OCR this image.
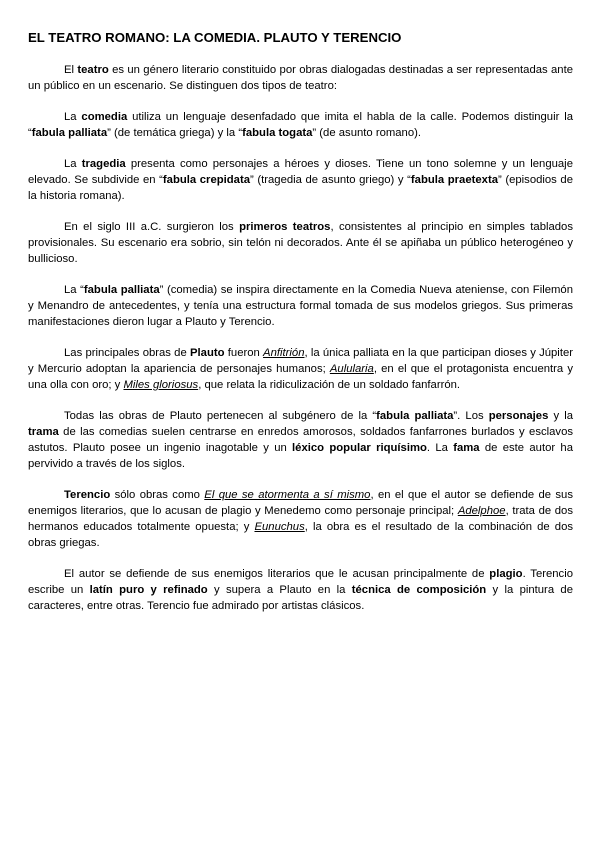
EL TEATRO ROMANO: LA COMEDIA. PLAUTO Y TERENCIO

El teatro es un género literario constituido por obras dialogadas destinadas a ser representadas ante un público en un escenario. Se distinguen dos tipos de teatro:

La comedia utiliza un lenguaje desenfadado que imita el habla de la calle. Podemos distinguir la “fabula palliata” (de temática griega) y la “fabula togata” (de asunto romano).

La tragedia presenta como personajes a héroes y dioses. Tiene un tono solemne y un lenguaje elevado. Se subdivide en “fabula crepidata” (tragedia de asunto griego) y “fabula praetexta” (episodios de la historia romana).

En el siglo III a.C. surgieron los primeros teatros, consistentes al principio en simples tablados provisionales. Su escenario era sobrio, sin telón ni decorados. Ante él se apiñaba un público heterogéneo y bullicioso.

La “fabula palliata” (comedia) se inspira directamente en la Comedia Nueva ateniense, con Filemón y Menandro de antecedentes, y tenía una estructura formal tomada de sus modelos griegos. Sus primeras manifestaciones dieron lugar a Plauto y Terencio.

Las principales obras de Plauto fueron Anfitrión, la única palliata en la que participan dioses y Júpiter y Mercurio adoptan la apariencia de personajes humanos; Aulularia, en el que el protagonista encuentra y una olla con oro; y Miles gloriosus, que relata la ridiculización de un soldado fanfarrón.

Todas las obras de Plauto pertenecen al subgénero de la “fabula palliata”. Los personajes y la trama de las comedias suelen centrarse en enredos amorosos, soldados fanfarrones burlados y esclavos astutos. Plauto posee un ingenio inagotable y un léxico popular riquísimo. La fama de este autor ha pervivido a través de los siglos.

Terencio sólo obras como El que se atormenta a sí mismo, en el que el autor se defiende de sus enemigos literarios, que lo acusan de plagio y Menedemo como personaje principal; Adelphoe, trata de dos hermanos educados totalmente opuesta; y Eunuchus, la obra es el resultado de la combinación de dos obras griegas.

El autor se defiende de sus enemigos literarios que le acusan principalmente de plagio. Terencio escribe un latín puro y refinado y supera a Plauto en la técnica de composición y la pintura de caracteres, entre otras. Terencio fue admirado por artistas clásicos.
